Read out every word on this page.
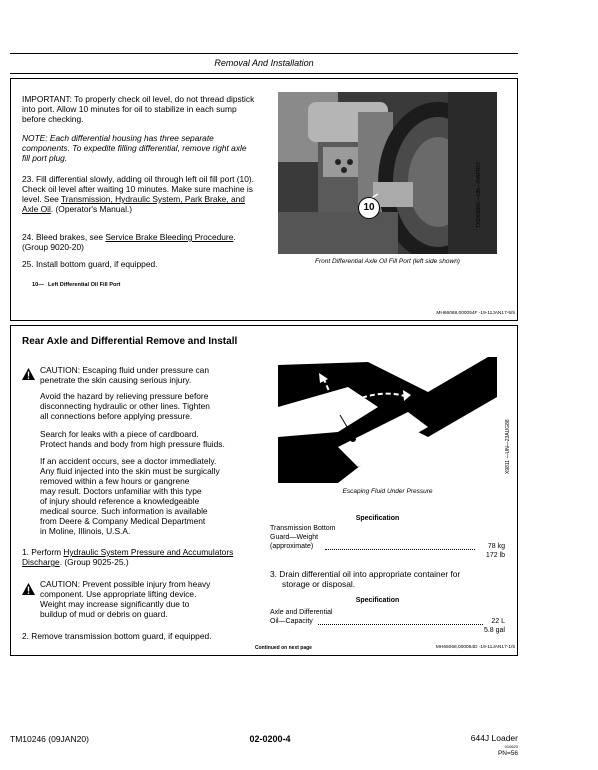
Removal And Installation
IMPORTANT: To properly check oil level, do not thread dipstick into port. Allow 10 minutes for oil to stabilize in each sump before checking.
NOTE: Each differential housing has three separate components. To expedite filling differential, remove right axle fill port plug.
23. Fill differential slowly, adding oil through left oil fill port (10). Check oil level after waiting 10 minutes. Make sure machine is level. See Transmission, Hydraulic System, Park Brake, and Axle Oil. (Operator's Manual.)
24. Bleed brakes, see Service Brake Bleeding Procedure. (Group 9020-20)
25. Install bottom guard, if equipped.
10— Left Differential Oil Fill Port
10	TX1000068 —UN—08APR07
Front Differential Axle Oil Fill Port (left side shown)
MH66068,000054F -19-11JAN17-5/5
Rear Axle and Differential Remove and Install
CAUTION: Escaping fluid under pressure can
penetrate the skin causing serious injury.
Avoid the hazard by relieving pressure before
disconnecting hydraulic or other lines. Tighten
all connections before applying pressure.
Search for leaks with a piece of cardboard.
Protect hands and body from high pressure fluids.
If an accident occurs, see a doctor immediately.
Any fluid injected into the skin must be surgically
removed within a few hours or gangrene
may result. Doctors unfamiliar with this type
of injury should reference a knowledgeable
medical source. Such information is available
from Deere & Company Medical Department
in Moline, Illinois, U.S.A.
1. Perform Hydraulic System Pressure and Accumulators Discharge. (Group 9025-25.)
CAUTION: Prevent possible injury from heavy
component. Use appropriate lifting device.
Weight may increase significantly due to
buildup of mud or debris on guard.
2. Remove transmission bottom guard, if equipped.
X9811 —UN—23AUG88
Escaping Fluid Under Pressure
Specification
Transmission Bottom
Guard—Weight
(approximate)	78 kg
172 lb
3. Drain differential oil into appropriate container for
storage or disposal.
Specification
Axle and Differential
Oil—Capacity	22 L
5.8 gal
Continued on next page	MH66068,000054D -19-11JAN17-1/5
TM10246 (09JAN20)	02-0200-4	644J Loader
010620
PN=56
